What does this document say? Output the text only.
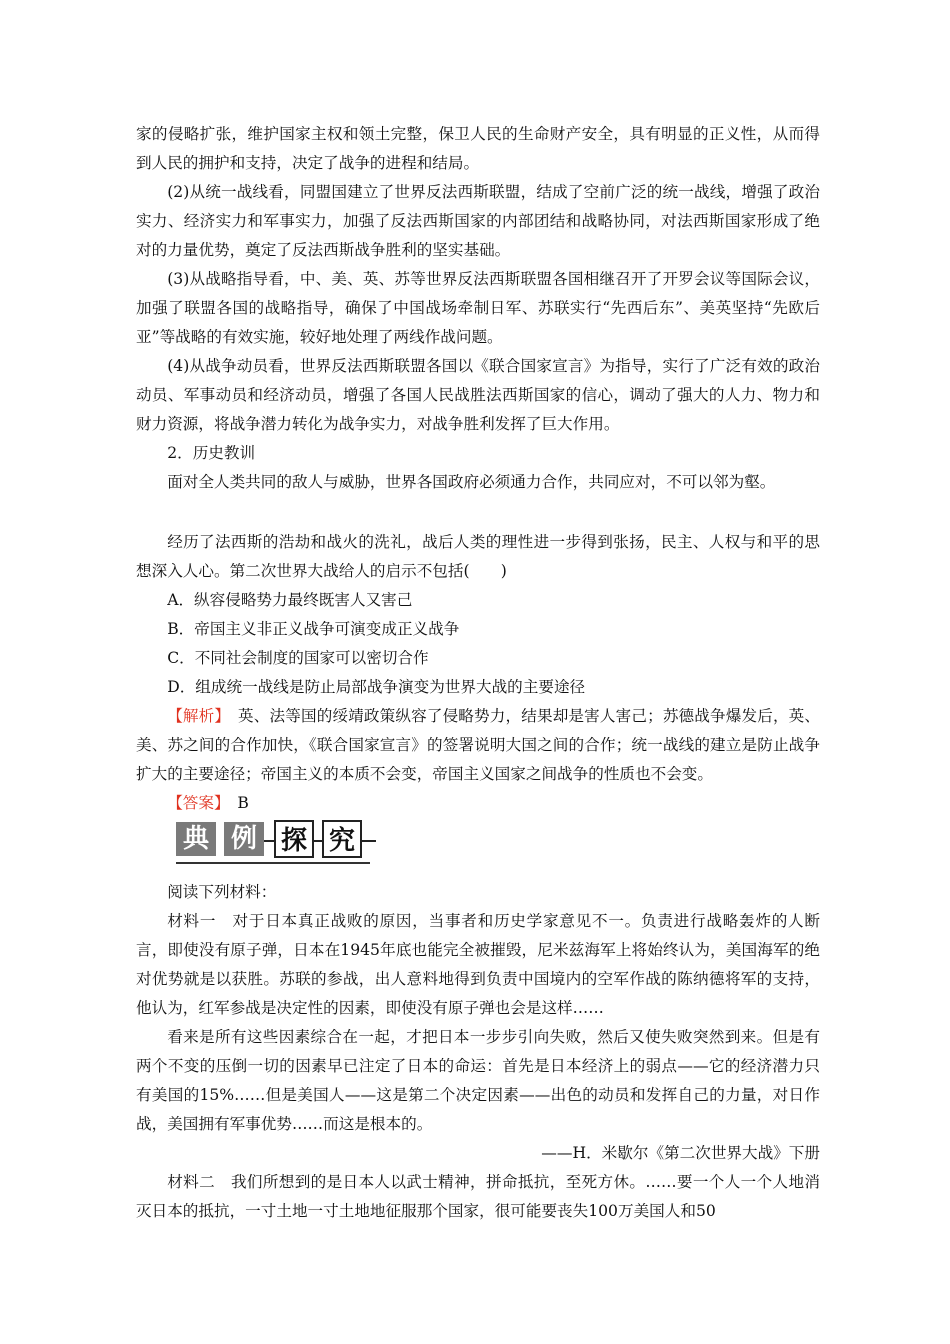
家的侵略扩张，维护国家主权和领土完整，保卫人民的生命财产安全，具有明显的正义性，从而得到人民的拥护和支持，决定了战争的进程和结局。

(2)从统一战线看，同盟国建立了世界反法西斯联盟，结成了空前广泛的统一战线，增强了政治实力、经济实力和军事实力，加强了反法西斯国家的内部团结和战略协同，对法西斯国家形成了绝对的力量优势，奠定了反法西斯战争胜利的坚实基础。

(3)从战略指导看，中、美、英、苏等世界反法西斯联盟各国相继召开了开罗会议等国际会议，加强了联盟各国的战略指导，确保了中国战场牵制日军、苏联实行“先西后东”、美英坚持“先欧后亚”等战略的有效实施，较好地处理了两线作战问题。

(4)从战争动员看，世界反法西斯联盟各国以《联合国家宣言》为指导，实行了广泛有效的政治动员、军事动员和经济动员，增强了各国人民战胜法西斯国家的信心，调动了强大的人力、物力和财力资源，将战争潜力转化为战争实力，对战争胜利发挥了巨大作用。

2．历史教训

面对全人类共同的敌人与威胁，世界各国政府必须通力合作，共同应对，不可以邻为壑。

经历了法西斯的浩劫和战火的洗礼，战后人类的理性进一步得到张扬，民主、人权与和平的思想深入人心。第二次世界大战给人的启示不包括(　　)

A．纵容侵略势力最终既害人又害己

B．帝国主义非正义战争可演变成正义战争

C．不同社会制度的国家可以密切合作

D．组成统一战线是防止局部战争演变为世界大战的主要途径

【解析】　英、法等国的绥靖政策纵容了侵略势力，结果却是害人害己；苏德战争爆发后，英、美、苏之间的合作加快，《联合国家宣言》的签署说明大国之间的合作；统一战线的建立是防止战争扩大的主要途径；帝国主义的本质不会变，帝国主义国家之间战争的性质也不会变。

【答案】　B

典 例 探 究

阅读下列材料：

材料一　对于日本真正战败的原因，当事者和历史学家意见不一。负责进行战略轰炸的人断言，即使没有原子弹，日本在1945年底也能完全被摧毁，尼米兹海军上将始终认为，美国海军的绝对优势就是以获胜。苏联的参战，出人意料地得到负责中国境内的空军作战的陈纳德将军的支持，他认为，红军参战是决定性的因素，即使没有原子弹也会是这样……

看来是所有这些因素综合在一起，才把日本一步步引向失败，然后又使失败突然到来。但是有两个不变的压倒一切的因素早已注定了日本的命运：首先是日本经济上的弱点——它的经济潜力只有美国的15%……但是美国人——这是第二个决定因素——出色的动员和发挥自己的力量，对日作战，美国拥有军事优势……而这是根本的。

——H．米歇尔《第二次世界大战》下册

材料二　我们所想到的是日本人以武士精神，拼命抵抗，至死方休。……要一个人一个人地消灭日本的抵抗，一寸土地一寸土地地征服那个国家，很可能要丧失100万美国人和50
